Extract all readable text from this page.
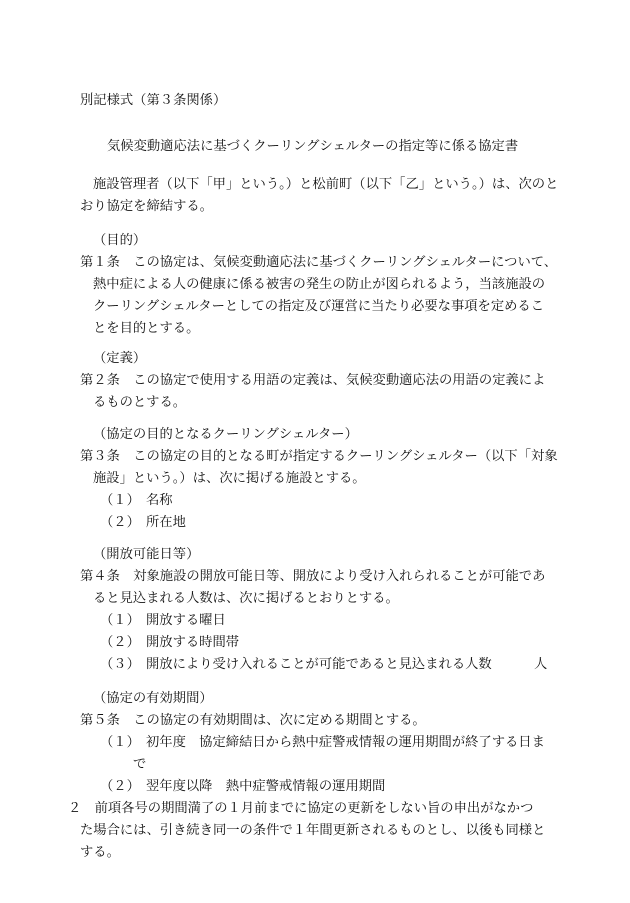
別記様式（第３条関係）
気候変動適応法に基づくクーリングシェルターの指定等に係る協定書
施設管理者（以下「甲」という。）と松前町（以下「乙」という。）は、次のと
おり協定を締結する。
（目的）
第１条　この協定は、気候変動適応法に基づくクーリングシェルターについて、
熱中症による人の健康に係る被害の発生の防止が図られるよう，当該施設の
クーリングシェルターとしての指定及び運営に当たり必要な事項を定めるこ
とを目的とする。
（定義）
第２条　この協定で使用する用語の定義は、気候変動適応法の用語の定義によ
るものとする。
（協定の目的となるクーリングシェルター）
第３条　この協定の目的となる町が指定するクーリングシェルター（以下「対象
施設」という。）は、次に掲げる施設とする。
（１） 名称
（２） 所在地
（開放可能日等）
第４条　対象施設の開放可能日等、開放により受け入れられることが可能であ
ると見込まれる人数は、次に掲げるとおりとする。
（１） 開放する曜日
（２） 開放する時間帯
（３） 開放により受け入れることが可能であると見込まれる人数	人
（協定の有効期間）
第５条　この協定の有効期間は、次に定める期間とする。
（１） 初年度　協定締結日から熱中症警戒情報の運用期間が終了する日ま
で
（２） 翌年度以降　熱中症警戒情報の運用期間
２　前項各号の期間満了の１月前までに協定の更新をしない旨の申出がなかつ
た場合には、引き続き同一の条件で１年間更新されるものとし、以後も同様と
する。
